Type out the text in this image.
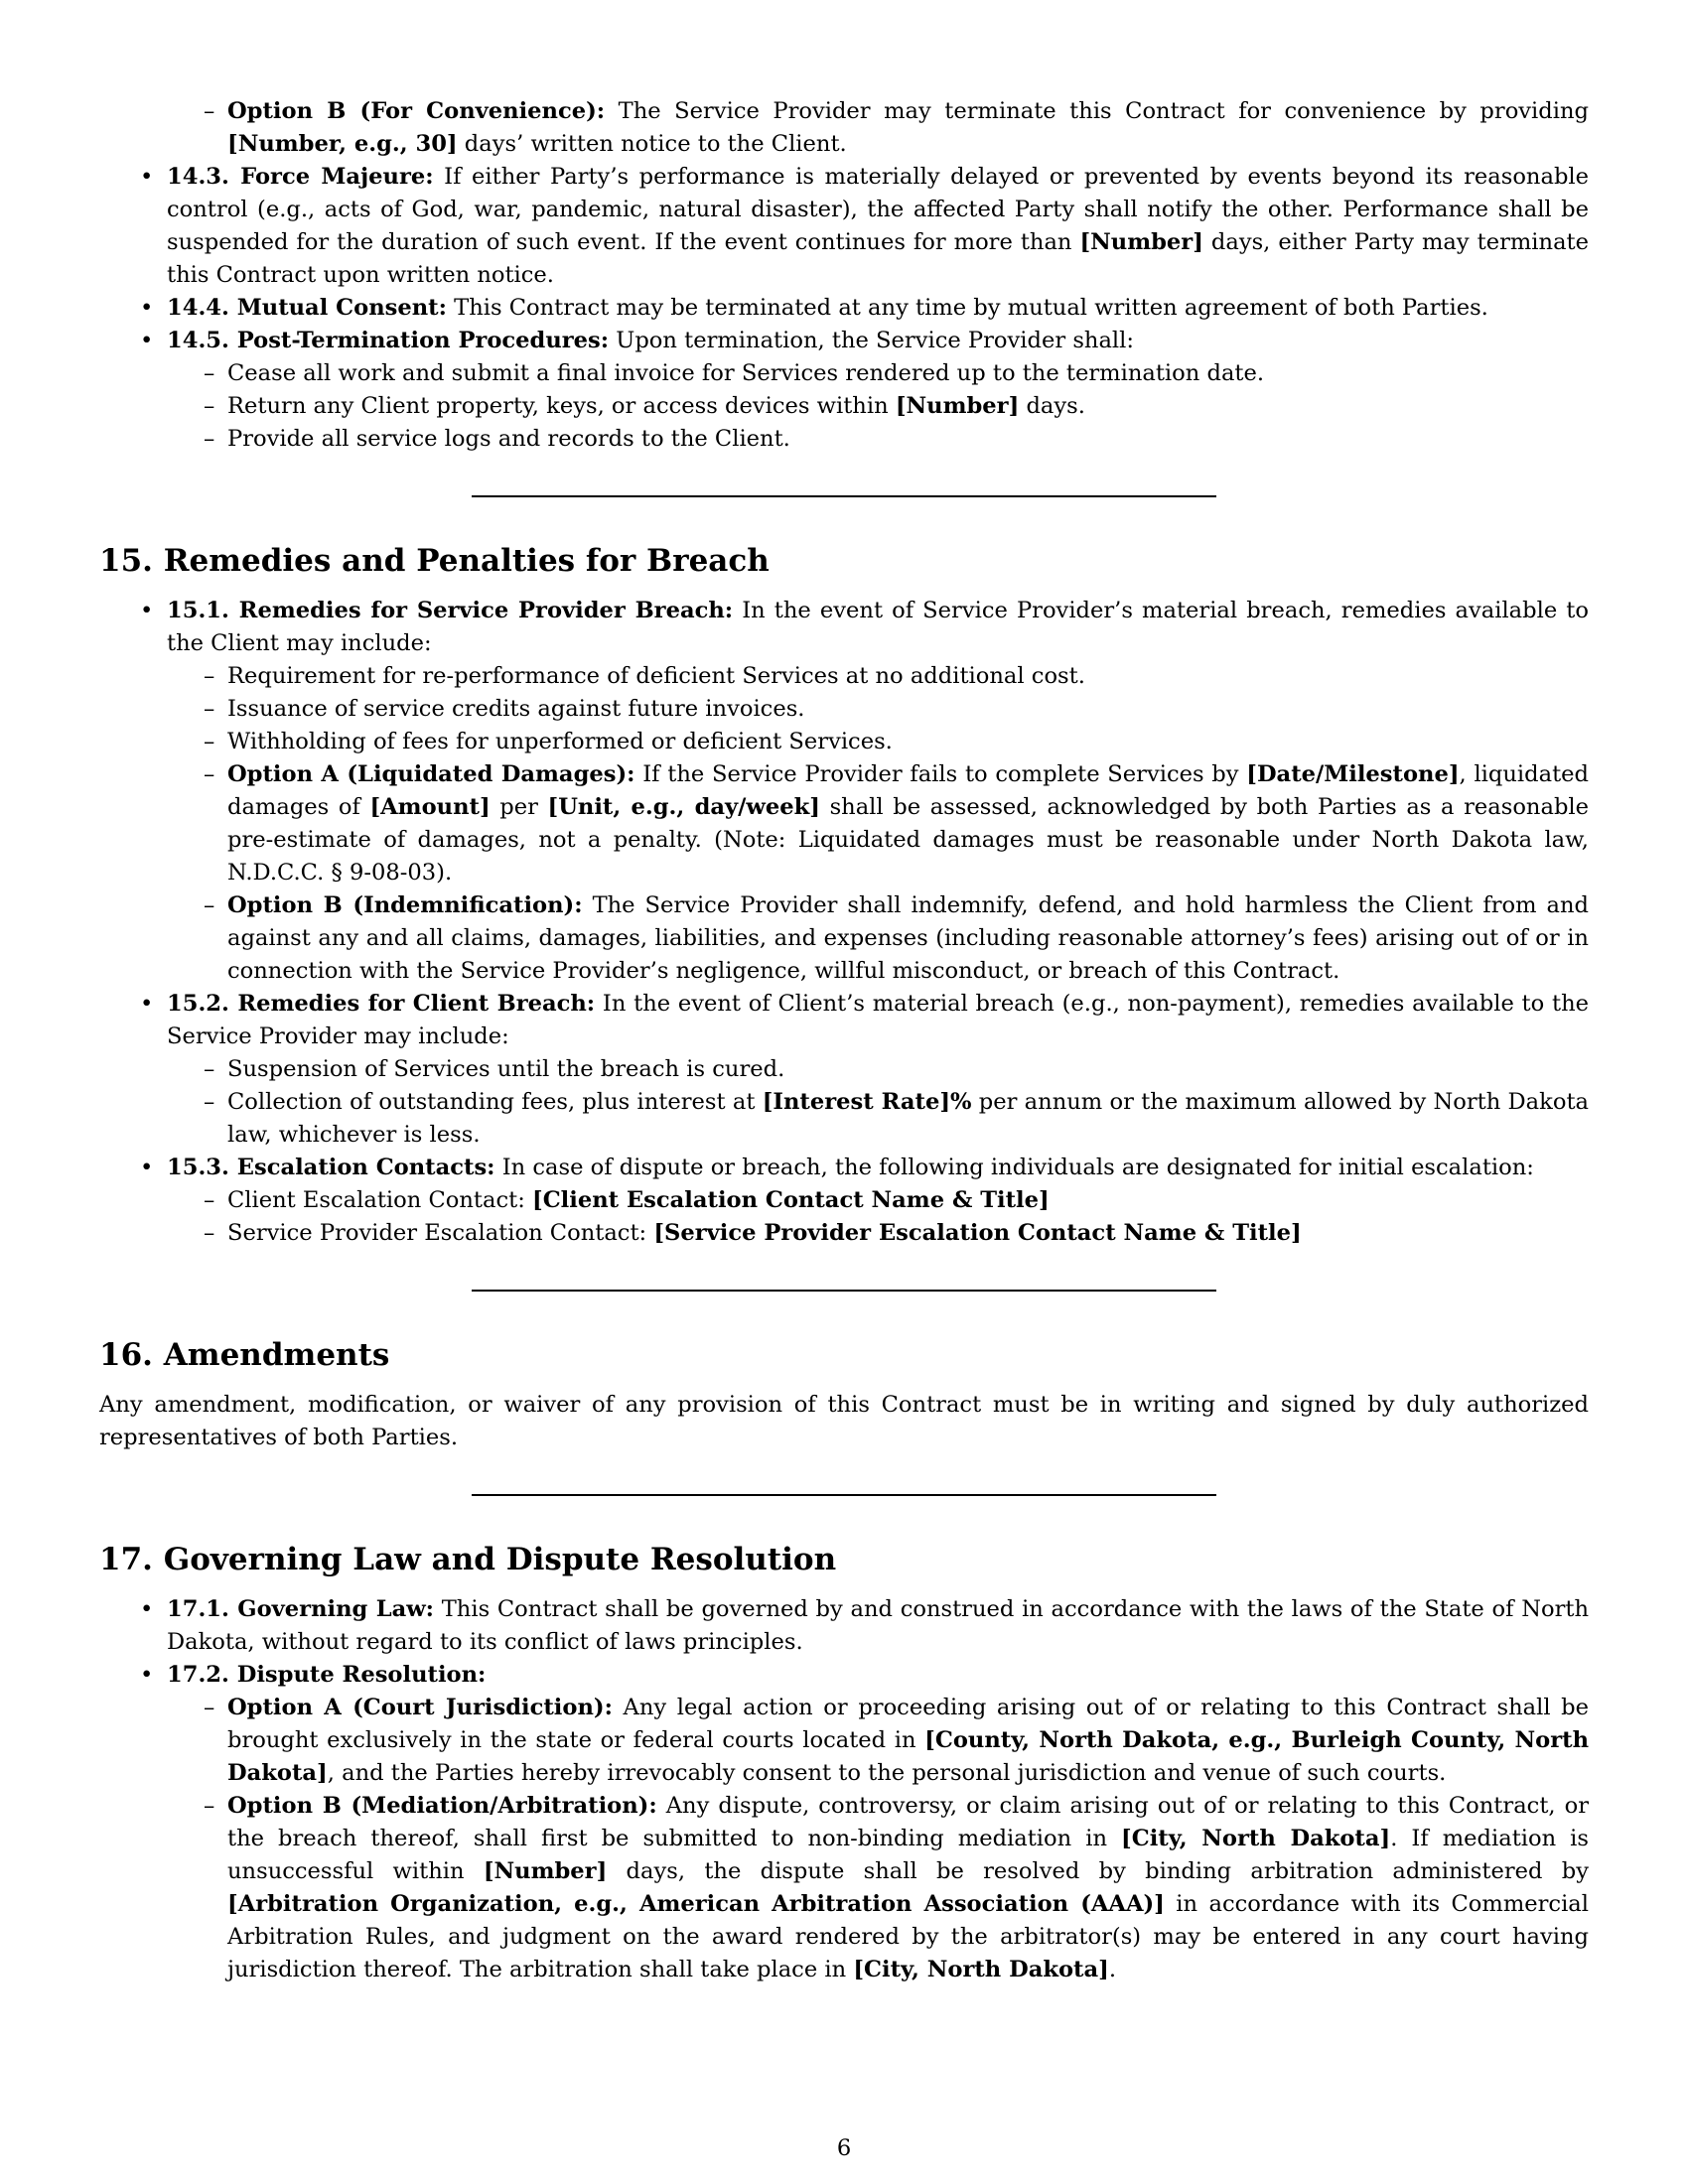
– Option B (For Convenience): The Service Provider may terminate this Contract for convenience by providing [Number, e.g., 30] days’ written notice to the Client.
• 14.3. Force Majeure: If either Party’s performance is materially delayed or prevented by events beyond its reasonable control (e.g., acts of God, war, pandemic, natural disaster), the affected Party shall notify the other. Performance shall be suspended for the duration of such event. If the event continues for more than [Number] days, either Party may terminate this Contract upon written notice.
• 14.4. Mutual Consent: This Contract may be terminated at any time by mutual written agreement of both Parties.
• 14.5. Post-Termination Procedures: Upon termination, the Service Provider shall:
– Cease all work and submit a final invoice for Services rendered up to the termination date.
– Return any Client property, keys, or access devices within [Number] days.
– Provide all service logs and records to the Client.
15. Remedies and Penalties for Breach
• 15.1. Remedies for Service Provider Breach: In the event of Service Provider’s material breach, remedies available to the Client may include:
– Requirement for re-performance of deficient Services at no additional cost.
– Issuance of service credits against future invoices.
– Withholding of fees for unperformed or deficient Services.
– Option A (Liquidated Damages): If the Service Provider fails to complete Services by [Date/Milestone], liquidated damages of [Amount] per [Unit, e.g., day/week] shall be assessed, acknowledged by both Parties as a reasonable pre-estimate of damages, not a penalty. (Note: Liquidated damages must be reasonable under North Dakota law, N.D.C.C. § 9-08-03).
– Option B (Indemnification): The Service Provider shall indemnify, defend, and hold harmless the Client from and against any and all claims, damages, liabilities, and expenses (including reasonable attorney’s fees) arising out of or in connection with the Service Provider’s negligence, willful misconduct, or breach of this Contract.
• 15.2. Remedies for Client Breach: In the event of Client’s material breach (e.g., non-payment), remedies available to the Service Provider may include:
– Suspension of Services until the breach is cured.
– Collection of outstanding fees, plus interest at [Interest Rate]% per annum or the maximum allowed by North Dakota law, whichever is less.
• 15.3. Escalation Contacts: In case of dispute or breach, the following individuals are designated for initial escalation:
– Client Escalation Contact: [Client Escalation Contact Name & Title]
– Service Provider Escalation Contact: [Service Provider Escalation Contact Name & Title]
16. Amendments

Any amendment, modification, or waiver of any provision of this Contract must be in writing and signed by duly authorized representatives of both Parties.

17. Governing Law and Dispute Resolution
• 17.1. Governing Law: This Contract shall be governed by and construed in accordance with the laws of the State of North Dakota, without regard to its conflict of laws principles.
• 17.2. Dispute Resolution:
– Option A (Court Jurisdiction): Any legal action or proceeding arising out of or relating to this Contract shall be brought exclusively in the state or federal courts located in [County, North Dakota, e.g., Burleigh County, North Dakota], and the Parties hereby irrevocably consent to the personal jurisdiction and venue of such courts.
– Option B (Mediation/Arbitration): Any dispute, controversy, or claim arising out of or relating to this Contract, or the breach thereof, shall first be submitted to non-binding mediation in [City, North Dakota]. If mediation is unsuccessful within [Number] days, the dispute shall be resolved by binding arbitration administered by [Arbitration Organization, e.g., American Arbitration Association (AAA)] in accordance with its Commercial Arbitration Rules, and judgment on the award rendered by the arbitrator(s) may be entered in any court having jurisdiction thereof. The arbitration shall take place in [City, North Dakota].
6
